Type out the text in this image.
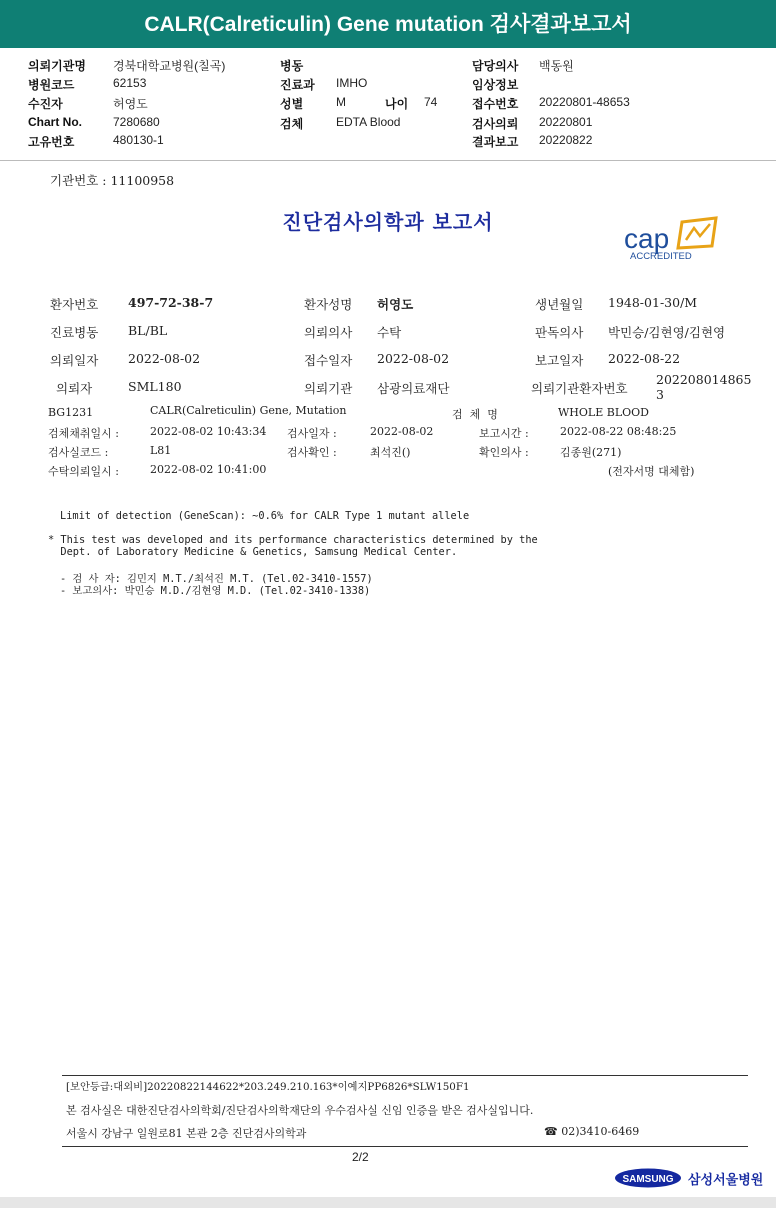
CALR(Calreticulin) Gene mutation 검사결과보고서
의뢰기관명 경북대학교병원(칠곡)
병원코드	62153
수진자	허영도
Chart No.	7280680
고유번호	480130-1
병동
진료과 IMHO
성별	M	나이 74
검체	EDTA Blood
담당의사 백동원
임상정보
접수번호 20220801-48653
검사의뢰 20220801
결과보고 20220822
기관번호 : 11100958
진단검사의학과 보고서
cap
ACCREDITED
환자번호 497-72-38-7	환자성명 허영도	생년월일 1948-01-30/M
진료병동 BL/BL	의뢰의사 수탁	판독의사 박민승/김현영/김현영
의뢰일자 2022-08-02	접수일자 2022-08-02	보고일자 2022-08-22
의뢰자	SML180	의뢰기관 삼광의료재단	의뢰기관환자번호
202208014865
3
BG1231	CALR(Calreticulin) Gene, Mutation	검  체  명	WHOLE BLOOD
검체채취일시 :	2022-08-02 10:43:34 검사일자 :	2022-08-02	보고시간 :	2022-08-22 08:48:25
검사실코드 :	L81	검사확인 :	최석진()	확인의사 :	김종원(271)
수탁의뢰일시 :	2022-08-02 10:41:00	(전자서명 대체함)
Limit of detection (GeneScan): ~0.6% for CALR Type 1 mutant allele
* This test was developed and its performance characteristics determined by the
Dept. of Laboratory Medicine & Genetics, Samsung Medical Center.
- 검 사 자: 김민지 M.T./최석진 M.T. (Tel.02-3410-1557)
- 보고의사: 박민승 M.D./김현영 M.D. (Tel.02-3410-1338)
[보안등급:대외비]20220822144622*203.249.210.163*이예지PP6826*SLW150F1
본 검사실은 대한진단검사의학회/진단검사의학재단의 우수검사실 신임 인증을 받은 검사실입니다.
서울시 강남구 일원로81 본관 2층 진단검사의학과	☎ 02)3410-6469
2/2
SAMSUNG 삼성서울병원
